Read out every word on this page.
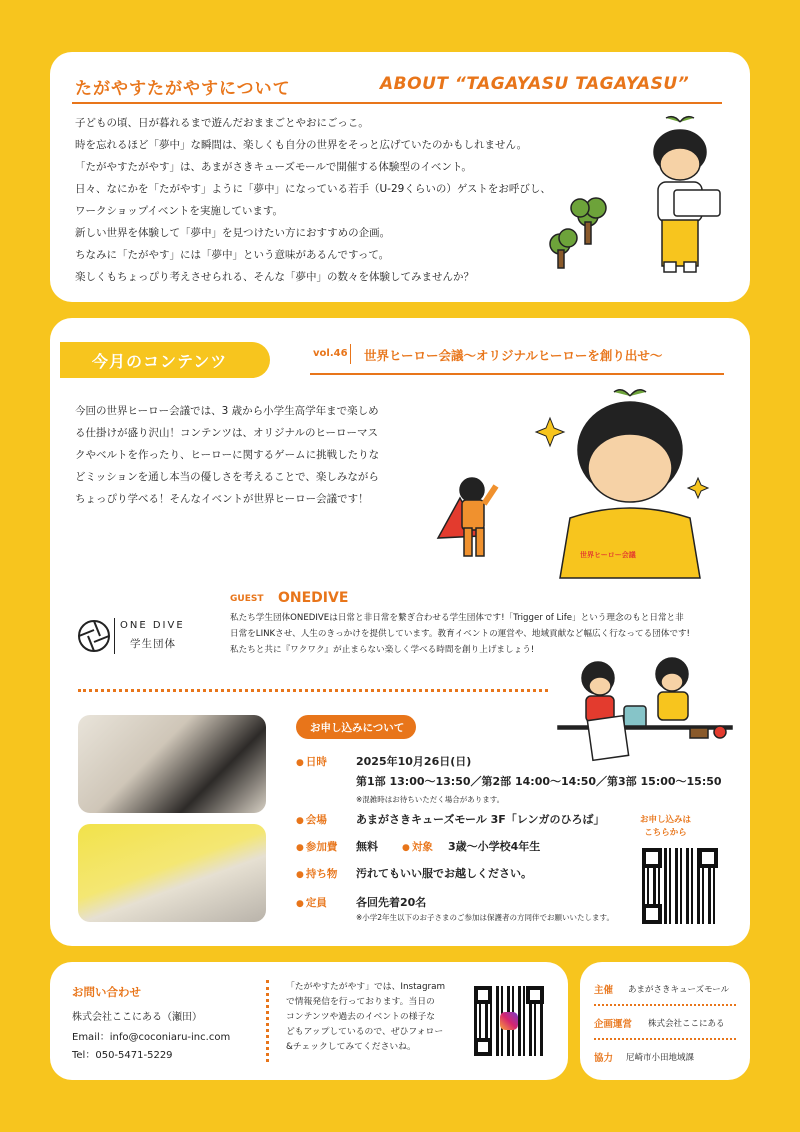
たがやすたがやすについて	ABOUT “TAGAYASU TAGAYASU”
子どもの頃、日が暮れるまで遊んだおままごとやおにごっこ。
時を忘れるほど「夢中」な瞬間は、楽しくも自分の世界をそっと広げていたのかもしれません。
「たがやすたがやす」は、あまがさきキューズモールで開催する体験型のイベント。
日々、なにかを「たがやす」ように「夢中」になっている若手（U-29くらいの）ゲストをお呼びし、
ワークショップイベントを実施しています。
新しい世界を体験して「夢中」を見つけたい方におすすめの企画。
ちなみに「たがやす」には「夢中」という意味があるんですって。
楽しくもちょっぴり考えさせられる、そんな「夢中」の数々を体験してみませんか？
今月のコンテンツ	vol.46 世界ヒーロー会議～オリジナルヒーローを創り出せ～
今回の世界ヒーロー会議では、3 歳から小学生高学年まで楽しめ
る仕掛けが盛り沢山！コンテンツは、オリジナルのヒーローマス
クやベルトを作ったり、ヒーローに関するゲームに挑戦したりな
どミッションを通し本当の優しさを考えることで、楽しみながら
ちょっぴり学べる！そんなイベントが世界ヒーロー会議です！
世界ヒーロー会議
GUEST ONEDIVE
私たち学生団体ONEDIVEは日常と非日常を繋ぎ合わせる学生団体です!「Trigger of Life」という理念のもと日常と非
日常をLINKさせ、人生のきっかけを提供しています。教育イベントの運営や、地域貢献など幅広く行なってる団体です!
私たちと共に『ワクワク』が止まらない楽しく学べる時間を創り上げましょう!
ONE DIVE
学生団体
お申し込みについて
● 日時	2025年10月26日(日)
第1部 13:00～13:50／第2部 14:00～14:50／第3部 15:00～15:50
※混雑時はお待ちいただく場合があります。
● 会場	あまがさきキューズモール 3F「レンガのひろば」
● 参加費 無料
●	対象 3歳～小学校4年生
● 持ち物 汚れてもいい服でお越しください。
● 定員	各回先着20名
※小学2年生以下のお子さまのご参加は保護者の方同伴でお願いいたします。
お申し込みは
こちらから
お問い合わせ
株式会社ここにある（瀬田）
Email：info@coconiaru-inc.com
Tel：050-5471-5229
「たがやすたがやす」では、Instagram
で情報発信を行っております。当日の
コンテンツや過去のイベントの様子な
どもアップしているので、ぜひフォロー
&チェックしてみてくださいね。
主催 あまがさきキューズモール
企画運営 株式会社ここにある
協力 尼崎市小田地域課
